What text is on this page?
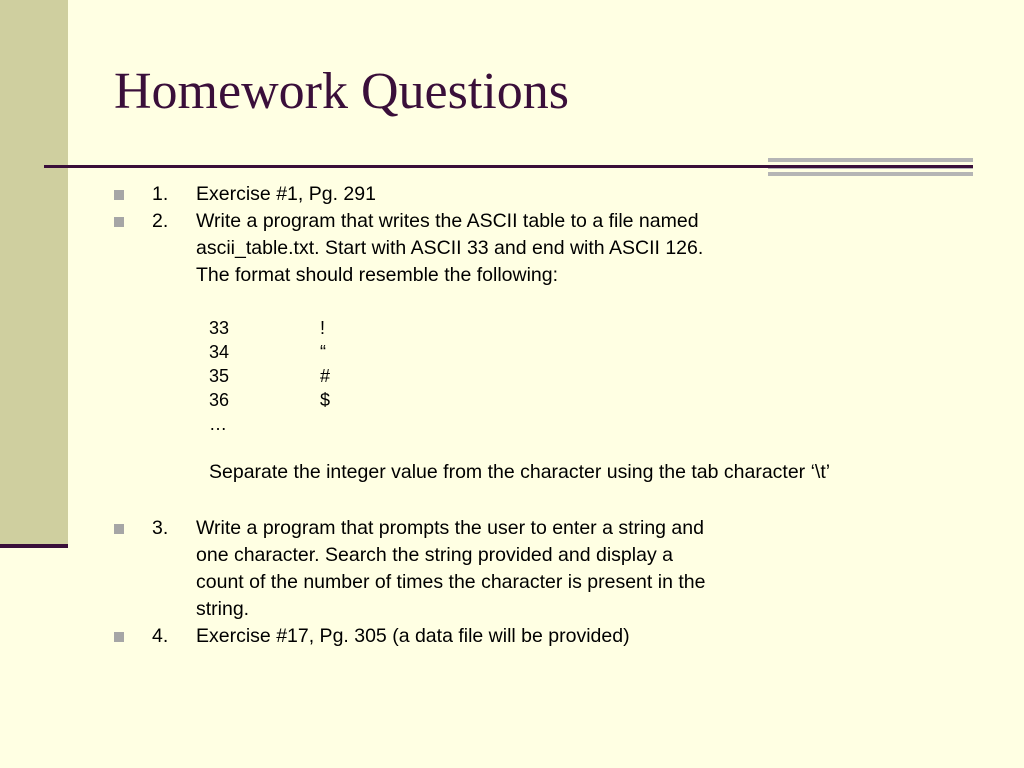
Homework Questions
1. Exercise #1, Pg. 291
2. Write a program that writes the ASCII table to a file named
ascii_table.txt. Start with ASCII 33 and end with ASCII 126.
The format should resemble the following:
33	!
34	“
35	#
36	$
…
Separate the integer value from the character using the tab character ‘\t’
3. Write a program that prompts the user to enter a string and
one character. Search the string provided and display a
count of the number of times the character is present in the
string.
4. Exercise #17, Pg. 305 (a data file will be provided)
